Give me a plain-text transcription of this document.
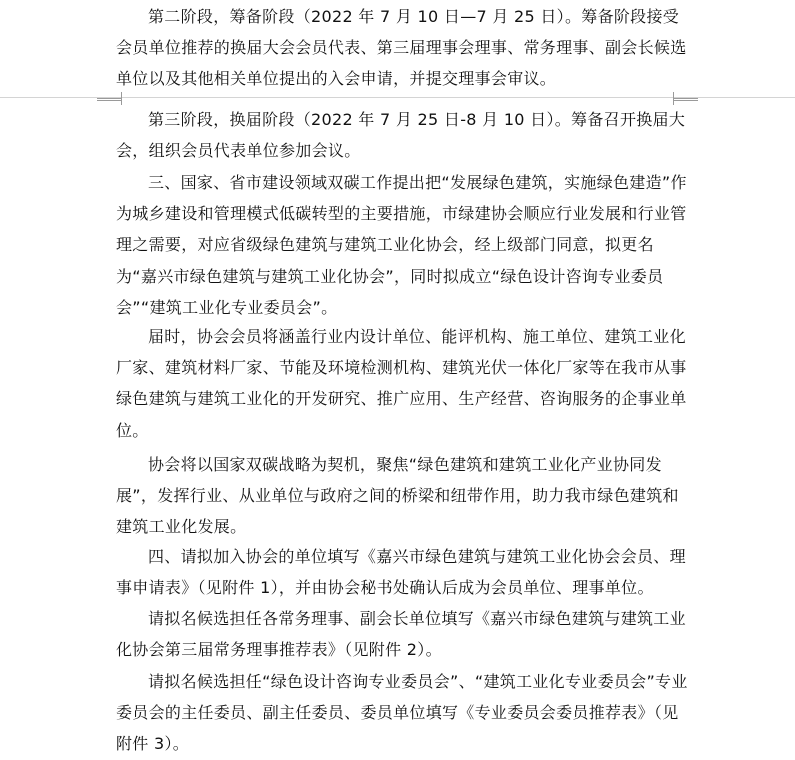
第二阶段，筹备阶段（2022 年 7 月 10 日—7 月 25 日）。筹备阶段接受会员单位推荐的换届大会会员代表、第三届理事会理事、常务理事、副会长候选单位以及其他相关单位提出的入会申请，并提交理事会审议。

第三阶段，换届阶段（2022 年 7 月 25 日-8 月 10 日）。筹备召开换届大会，组织会员代表单位参加会议。

三、国家、省市建设领域双碳工作提出把“发展绿色建筑，实施绿色建造”作为城乡建设和管理模式低碳转型的主要措施，市绿建协会顺应行业发展和行业管理之需要，对应省级绿色建筑与建筑工业化协会，经上级部门同意，拟更名为“嘉兴市绿色建筑与建筑工业化协会”，同时拟成立“绿色设计咨询专业委员会”“建筑工业化专业委员会”。

届时，协会会员将涵盖行业内设计单位、能评机构、施工单位、建筑工业化厂家、建筑材料厂家、节能及环境检测机构、建筑光伏一体化厂家等在我市从事绿色建筑与建筑工业化的开发研究、推广应用、生产经营、咨询服务的企事业单位。

协会将以国家双碳战略为契机，聚焦“绿色建筑和建筑工业化产业协同发展”，发挥行业、从业单位与政府之间的桥梁和纽带作用，助力我市绿色建筑和建筑工业化发展。

四、请拟加入协会的单位填写《嘉兴市绿色建筑与建筑工业化协会会员、理事申请表》（见附件 1），并由协会秘书处确认后成为会员单位、理事单位。

请拟名候选担任各常务理事、副会长单位填写《嘉兴市绿色建筑与建筑工业化协会第三届常务理事推荐表》（见附件 2）。

请拟名候选担任“绿色设计咨询专业委员会”、“建筑工业化专业委员会”专业委员会的主任委员、副主任委员、委员单位填写《专业委员会委员推荐表》（见附件 3）。
